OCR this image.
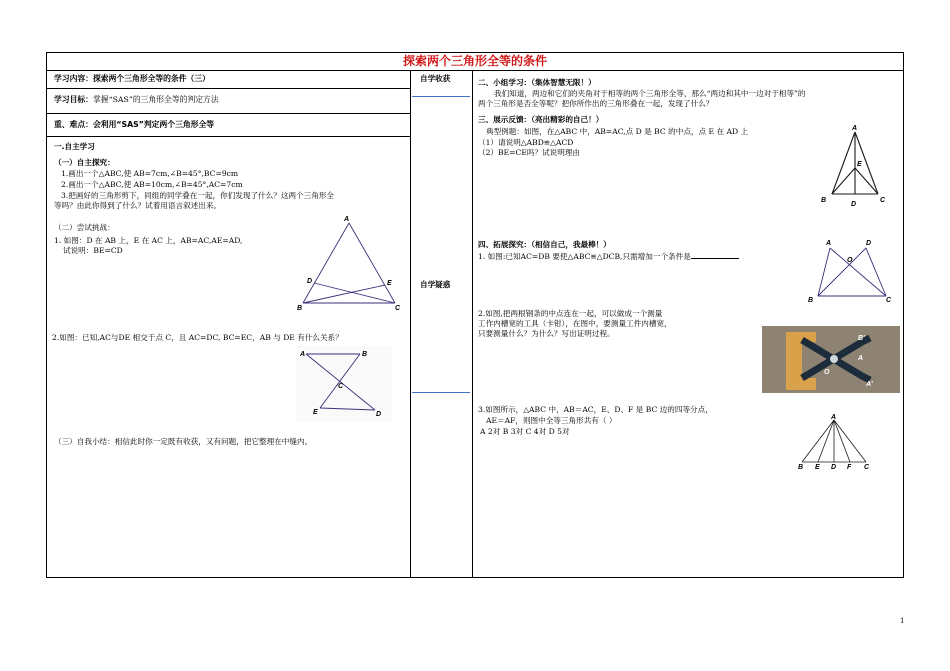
探索两个三角形全等的条件
学习内容：探索两个三角形全等的条件（三）
学习目标：掌握“SAS”的三角形全等的判定方法
重、难点：会利用“SAS”判定两个三角形全等
一.自主学习
（一）自主探究：
1.画出一个△ABC,使 AB=7cm,∠B=45°,BC=9cm
2.画出一个△ABC,使 AB=10cm,∠B=45°,AC=7cm
3.把画好的三角形剪下，同组的同学叠在一起，你们发现了什么？这两个三角形全
等吗？由此你得到了什么？试着用语言叙述出来。
（二）尝试挑战：
1. 如图：D 在 AB 上，E 在 AC 上，AB=AC,AE=AD,
试说明：BE=CD
2.如图：已知,AC与DE 相交于点 C，且 AC=DC, BC=EC，AB 与 DE 有什么关系？
（三）自我小结：相信此时你一定既有收获，又有问题，把它整理在中缝内。
A
D	E
B	C
A	B
C
E	D
自学收获
自学疑惑
二、小组学习：（集体智慧无限！）
我们知道，两边和它们的夹角对于相等的两个三角形全等，那么“两边和其中一边对于相等”的
两个三角形是否全等呢？把你所作出的三角形叠在一起，发现了什么？
三、展示反馈：（亮出精彩的自己！）
典型例题：如图，在△ABC 中，AB=AC,点 D 是 BC 的中点，点 E 在 AD 上
（1）请说明△ABD≌△ACD
（2）BE=CE吗？试说明理由
A
E
B
D
C
四、拓展探究：（相信自己，我最棒！）
1. 如图:已知AC=DB 要使△ABC≌△DCB,只需增加一个条件是
A	D
O
B	C
2.如图,把两根钢条的中点连在一起，可以做成一个测量
工作内槽宽的工具（卡钳），在图中，要测量工件内槽宽，
只要测量什么？为什么？写出证明过程。
B'
O
A
A'
3.如图所示，△ABC 中，AB＝AC，E、D、F 是 BC 边的四等分点，
AE＝AF，则图中全等三角形共有（ ）
A 2对 B 3对 C 4对 D 5对
A
B E D F C
1
